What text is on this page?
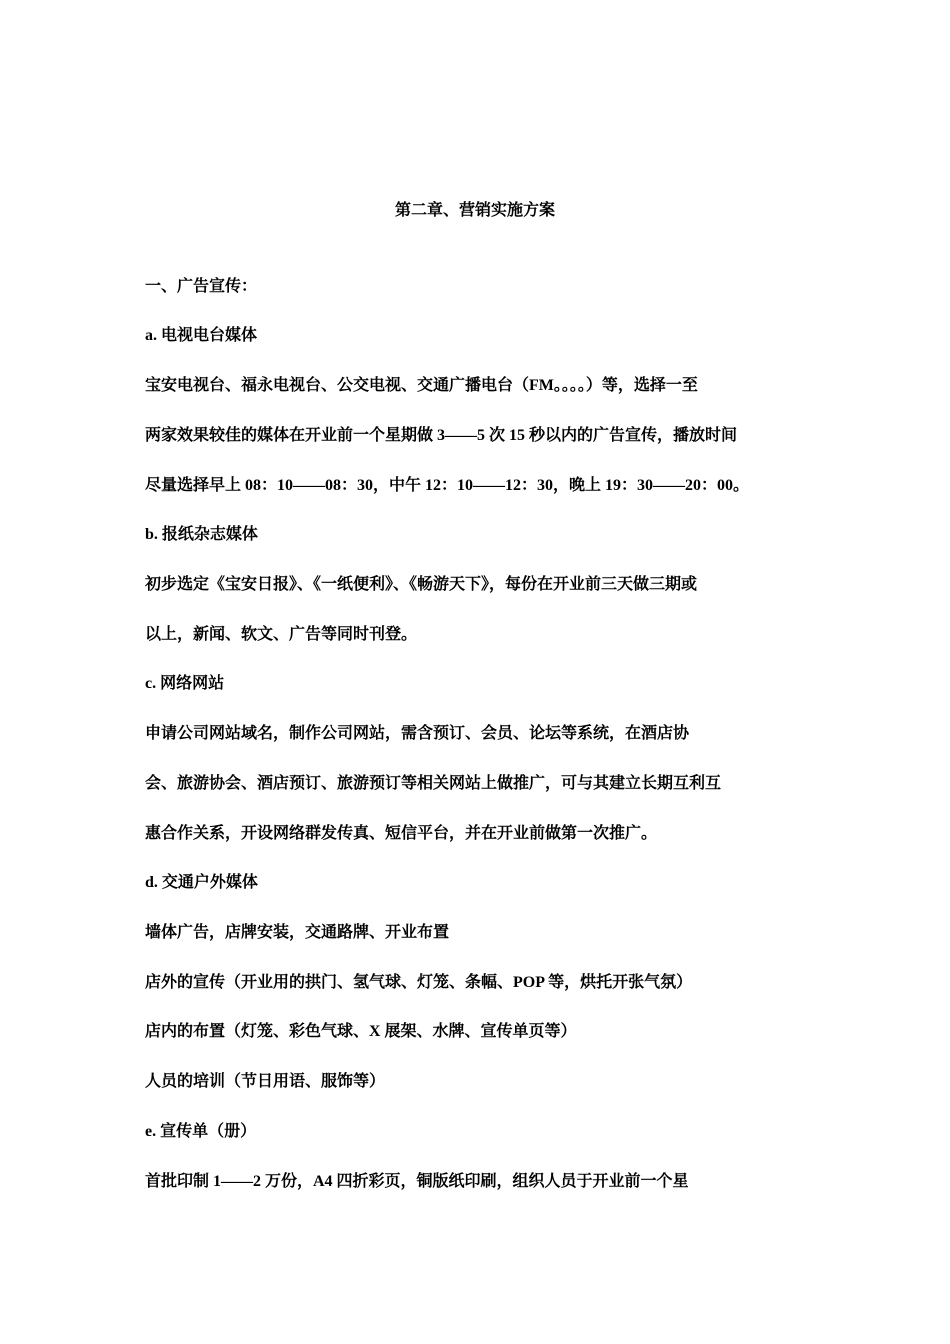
第二章、营销实施方案
一、广告宣传：
a. 电视电台媒体
宝安电视台、福永电视台、公交电视、交通广播电台（FM。。。。）等，选择一至
两家效果较佳的媒体在开业前一个星期做 3——5 次 15 秒以内的广告宣传，播放时间
尽量选择早上 08：10——08：30，中午 12：10——12：30，晚上 19：30——20：00。
b. 报纸杂志媒体
初步选定《宝安日报》、《一纸便利》、《畅游天下》，每份在开业前三天做三期或
以上，新闻、软文、广告等同时刊登。
c. 网络网站
申请公司网站域名，制作公司网站，需含预订、会员、论坛等系统，在酒店协
会、旅游协会、酒店预订、旅游预订等相关网站上做推广，可与其建立长期互利互
惠合作关系，开设网络群发传真、短信平台，并在开业前做第一次推广。
d. 交通户外媒体
墙体广告，店牌安装，交通路牌、开业布置
店外的宣传（开业用的拱门、氢气球、灯笼、条幅、POP 等，烘托开张气氛）
店内的布置（灯笼、彩色气球、X 展架、水牌、宣传单页等）
人员的培训（节日用语、服饰等）
e. 宣传单（册）
首批印制 1——2 万份，A4 四折彩页，铜版纸印刷，组织人员于开业前一个星
